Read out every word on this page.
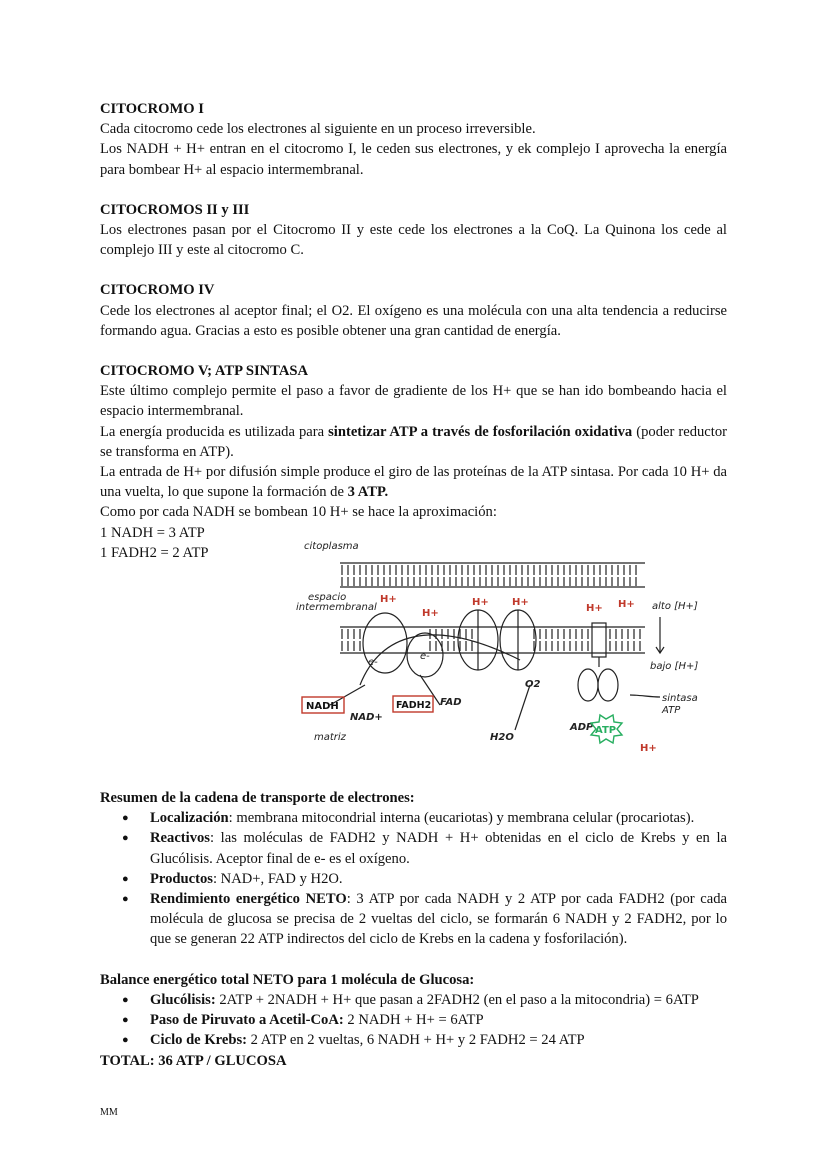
CITOCROMO I

Cada citocromo cede los electrones al siguiente en un proceso irreversible.

Los NADH + H+ entran en el citocromo I, le ceden sus electrones, y ek complejo I aprovecha la energía para bombear H+ al espacio intermembranal.

CITOCROMOS II y III

Los electrones pasan por el Citocromo II y este cede los electrones a la CoQ. La Quinona los cede al complejo III y este al citocromo C.

CITOCROMO IV

Cede los electrones al aceptor final; el O2. El oxígeno es una molécula con una alta tendencia a reducirse formando agua. Gracias a esto es posible obtener una gran cantidad de energía.

CITOCROMO V; ATP SINTASA

Este último complejo permite el paso a favor de gradiente de los H+ que se han ido bombeando hacia el espacio intermembranal.

La energía producida es utilizada para sintetizar ATP a través de fosforilación oxidativa (poder reductor se transforma en ATP).

La entrada de H+ por difusión simple produce el giro de las proteínas de la ATP sintasa. Por cada 10 H+ da una vuelta, lo que supone la formación de 3 ATP.

Como por cada NADH se bombean 10 H+ se hace la aproximación:

1 NADH = 3 ATP

1 FADH2 = 2 ATP

Resumen de la cadena de transporte de electrones:

● Localización: membrana mitocondrial interna (eucariotas) y membrana celular (procariotas).
● Reactivos: las moléculas de FADH2 y NADH + H+ obtenidas en el ciclo de Krebs y en la Glucólisis. Aceptor final de e- es el oxígeno.
● Productos: NAD+, FAD y H2O.
● Rendimiento energético NETO: 3 ATP por cada NADH y 2 ATP por cada FADH2 (por cada molécula de glucosa se precisa de 2 vueltas del ciclo, se formarán 6 NADH y 2 FADH2, por lo que se generan 22 ATP indirectos del ciclo de Krebs en la cadena y fosforilación).

Balance energético total NETO para 1 molécula de Glucosa:

● Glucólisis: 2ATP + 2NADH + H+ que pasan a 2FADH2 (en el paso a la mitocondria) = 6ATP
● Paso de Piruvato a Acetil-CoA: 2 NADH + H+ = 6ATP
● Ciclo de Krebs: 2 ATP en 2 vueltas, 6 NADH + H+ y 2 FADH2 = 24 ATP

TOTAL: 36 ATP / GLUCOSA

citoplasma
espacio
intermembranal	alto [H+]
bajo [H+]
e-
e-
NAD+
FAD
O2
H2O
ADP
sintasa
ATP
matriz
H+
H+
H+ H+
H+ H+
H+
NADH	FADH2
ATP
MM
